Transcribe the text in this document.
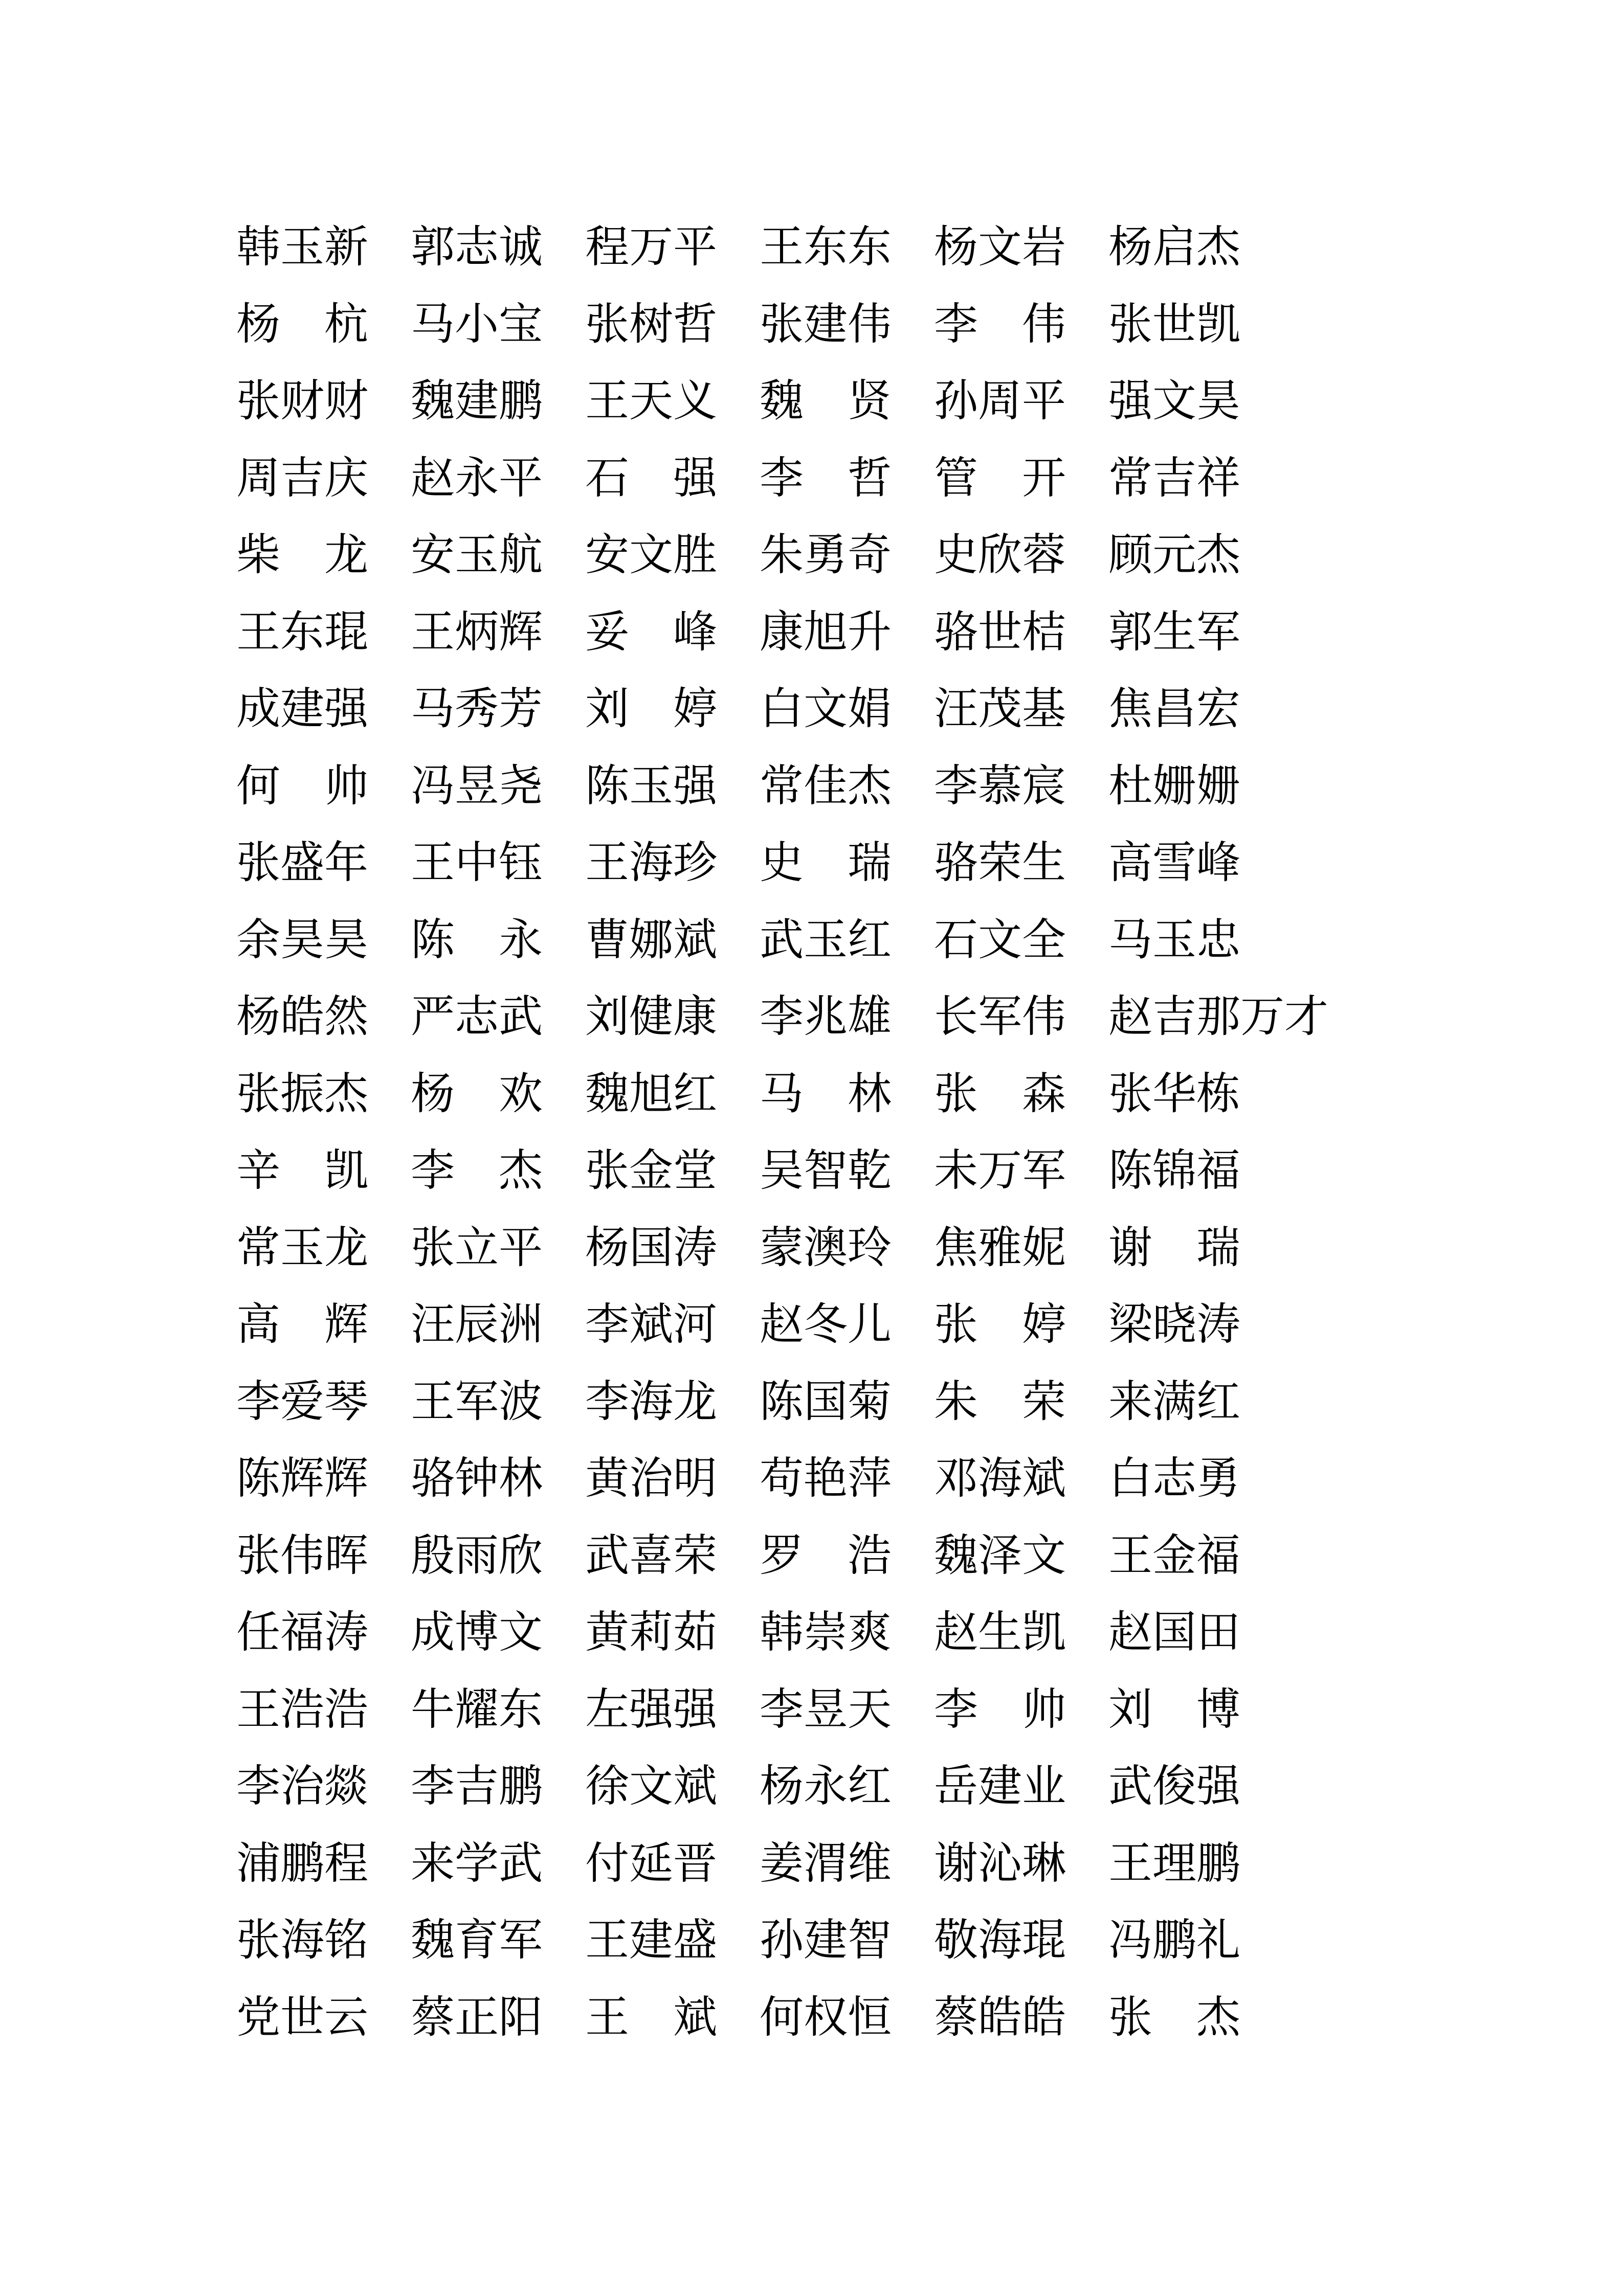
韩玉新 郭志诚 程万平 王东东 杨文岩 杨启杰
杨　杭 马小宝 张树哲 张建伟 李　伟 张世凯
张财财 魏建鹏 王天义 魏　贤 孙周平 强文昊
周吉庆 赵永平 石　强 李　哲 管　开 常吉祥
柴　龙 安玉航 安文胜 朱勇奇 史欣蓉 顾元杰
王东琨 王炳辉 妥　峰 康旭升 骆世桔 郭生军
成建强 马秀芳 刘　婷 白文娟 汪茂基 焦昌宏
何　帅 冯昱尧 陈玉强 常佳杰 李慕宸 杜姗姗
张盛年 王中钰 王海珍 史　瑞 骆荣生 高雪峰
余昊昊 陈　永 曹娜斌 武玉红 石文全 马玉忠
杨皓然 严志武 刘健康 李兆雄 长军伟 赵吉那万才
张振杰 杨　欢 魏旭红 马　林 张　森 张华栋
辛　凯 李　杰 张金堂 吴智乾 未万军 陈锦福
常玉龙 张立平 杨国涛 蒙澳玲 焦雅妮 谢　瑞
高　辉 汪辰洲 李斌河 赵冬儿 张　婷 梁晓涛
李爱琴 王军波 李海龙 陈国菊 朱　荣 来满红
陈辉辉 骆钟林 黄治明 苟艳萍 邓海斌 白志勇
张伟晖 殷雨欣 武喜荣 罗　浩 魏泽文 王金福
任福涛 成博文 黄莉茹 韩崇爽 赵生凯 赵国田
王浩浩 牛耀东 左强强 李昱天 李　帅 刘　博
李治燚 李吉鹏 徐文斌 杨永红 岳建业 武俊强
浦鹏程 来学武 付延晋 姜渭维 谢沁琳 王理鹏
张海铭 魏育军 王建盛 孙建智 敬海琨 冯鹏礼
党世云 蔡正阳 王　斌 何权恒 蔡皓皓 张　杰
